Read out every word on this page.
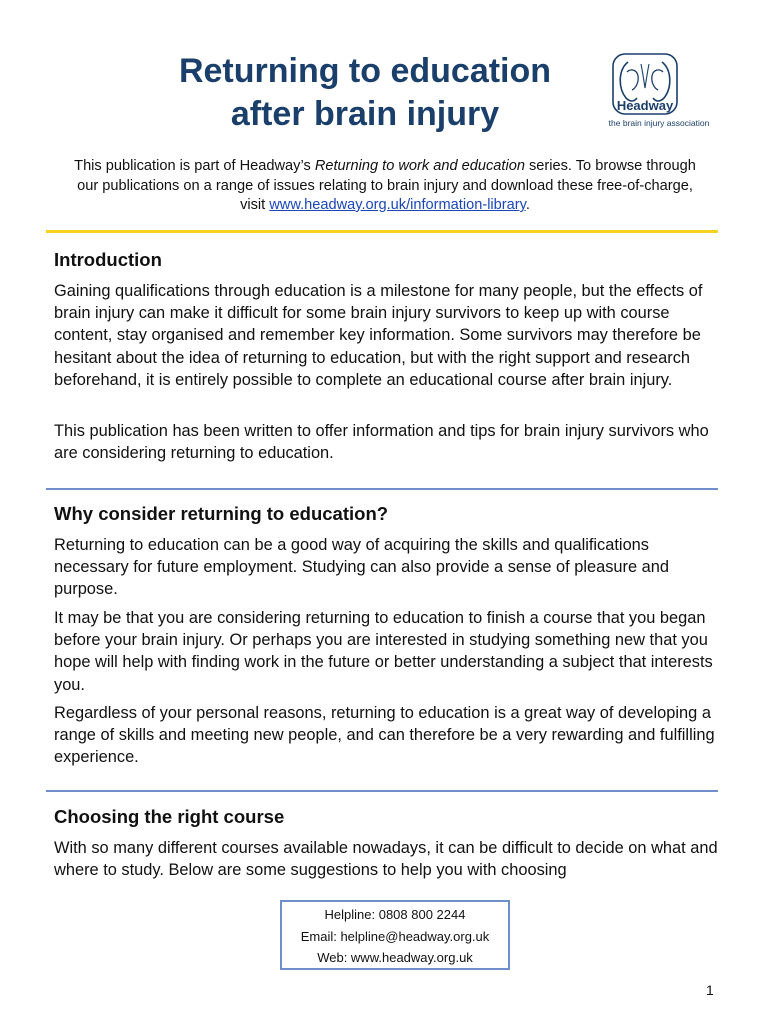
Returning to education
after brain injury	Headway
the brain injury association
This publication is part of Headway’s Returning to work and education series. To browse through our publications on a range of issues relating to brain injury and download these free-of-charge, visit www.headway.org.uk/information-library.
Introduction

Gaining qualifications through education is a milestone for many people, but the effects of brain injury can make it difficult for some brain injury survivors to keep up with course content, stay organised and remember key information. Some survivors may therefore be hesitant about the idea of returning to education, but with the right support and research beforehand, it is entirely possible to complete an educational course after brain injury.

This publication has been written to offer information and tips for brain injury survivors who are considering returning to education.

Why consider returning to education?

Returning to education can be a good way of acquiring the skills and qualifications necessary for future employment. Studying can also provide a sense of pleasure and purpose.

It may be that you are considering returning to education to finish a course that you began before your brain injury. Or perhaps you are interested in studying something new that you hope will help with finding work in the future or better understanding a subject that interests you.

Regardless of your personal reasons, returning to education is a great way of developing a range of skills and meeting new people, and can therefore be a very rewarding and fulfilling experience.

Choosing the right course

With so many different courses available nowadays, it can be difficult to decide on what and where to study. Below are some suggestions to help you with choosing

Helpline: 0808 800 2244
Email: helpline@headway.org.uk
Web: www.headway.org.uk
1
